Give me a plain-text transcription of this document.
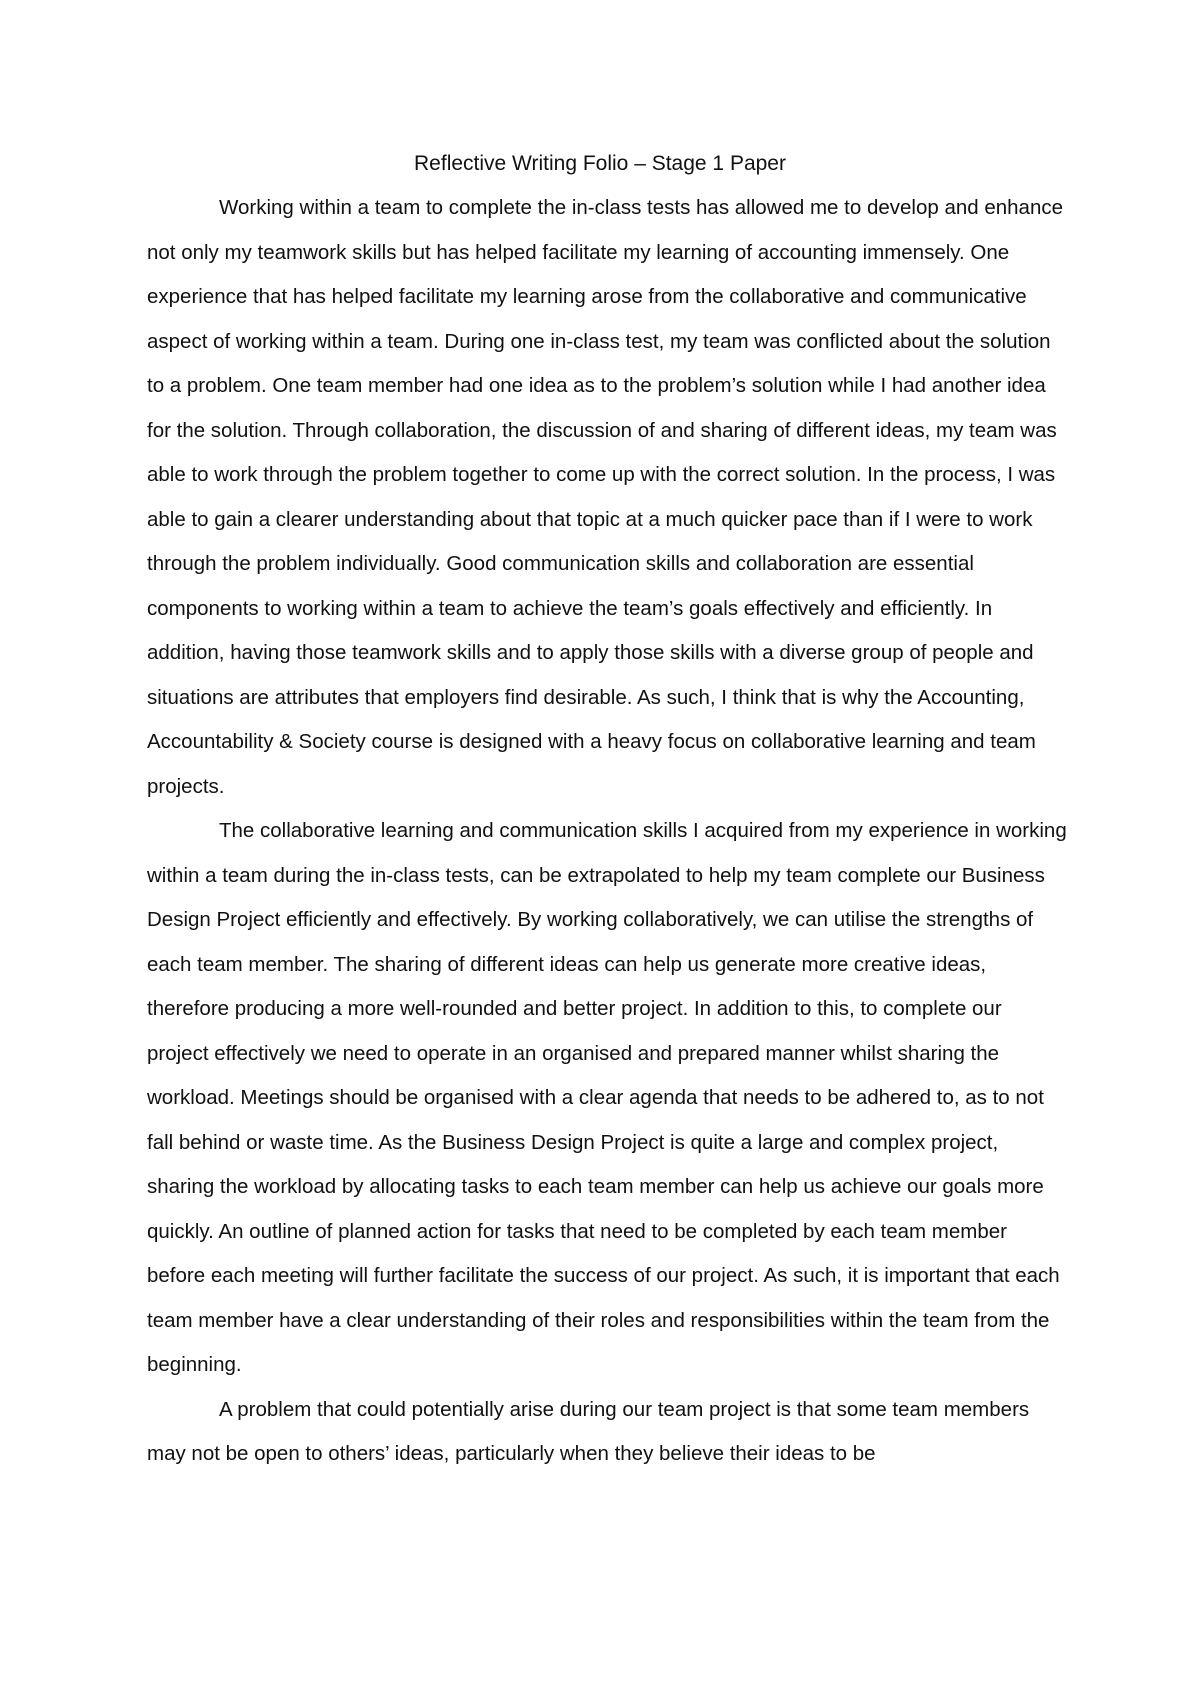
Reflective Writing Folio – Stage 1 Paper

Working within a team to complete the in-class tests has allowed me to develop and enhance not only my teamwork skills but has helped facilitate my learning of accounting immensely. One experience that has helped facilitate my learning arose from the collaborative and communicative aspect of working within a team. During one in-class test, my team was conflicted about the solution to a problem. One team member had one idea as to the problem’s solution while I had another idea for the solution. Through collaboration, the discussion of and sharing of different ideas, my team was able to work through the problem together to come up with the correct solution. In the process, I was able to gain a clearer understanding about that topic at a much quicker pace than if I were to work through the problem individually. Good communication skills and collaboration are essential components to working within a team to achieve the team’s goals effectively and efficiently. In addition, having those teamwork skills and to apply those skills with a diverse group of people and situations are attributes that employers find desirable. As such, I think that is why the Accounting, Accountability & Society course is designed with a heavy focus on collaborative learning and team projects.

The collaborative learning and communication skills I acquired from my experience in working within a team during the in-class tests, can be extrapolated to help my team complete our Business Design Project efficiently and effectively. By working collaboratively, we can utilise the strengths of each team member. The sharing of different ideas can help us generate more creative ideas, therefore producing a more well-rounded and better project. In addition to this, to complete our project effectively we need to operate in an organised and prepared manner whilst sharing the workload. Meetings should be organised with a clear agenda that needs to be adhered to, as to not fall behind or waste time. As the Business Design Project is quite a large and complex project, sharing the workload by allocating tasks to each team member can help us achieve our goals more quickly. An outline of planned action for tasks that need to be completed by each team member before each meeting will further facilitate the success of our project. As such, it is important that each team member have a clear understanding of their roles and responsibilities within the team from the beginning.

A problem that could potentially arise during our team project is that some team members may not be open to others’ ideas, particularly when they believe their ideas to be
